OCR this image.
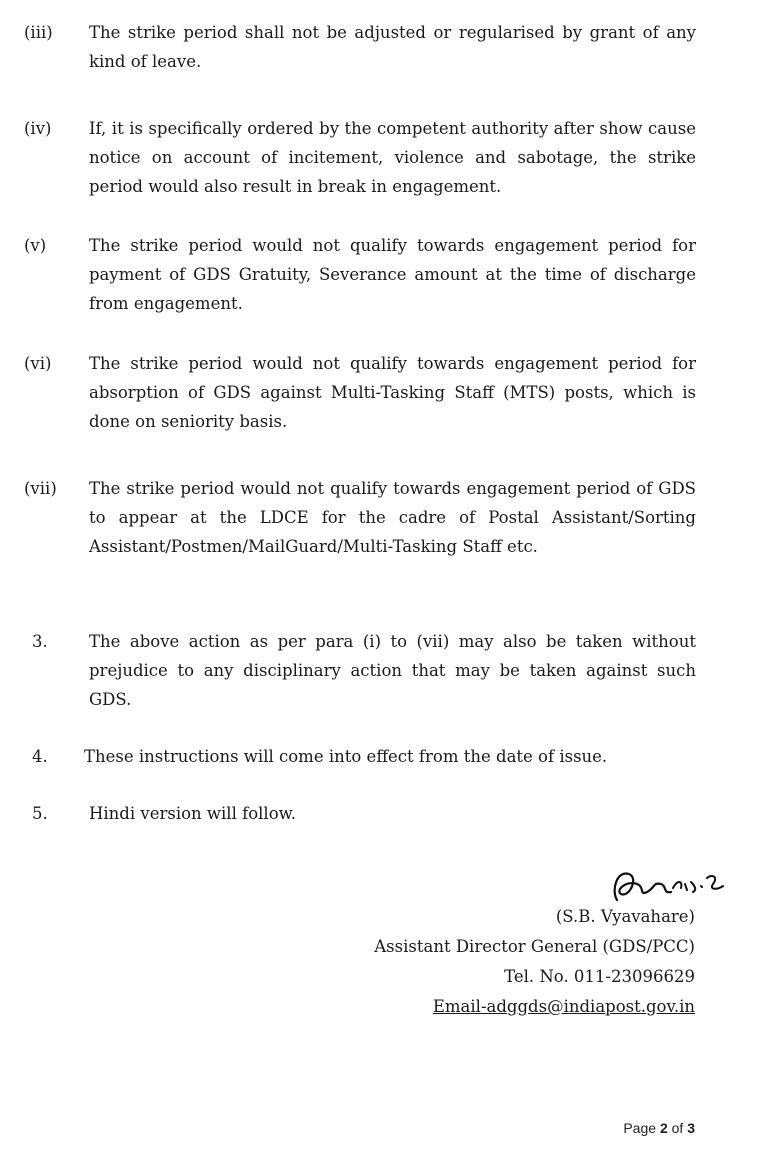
(iii)	The strike period shall not be adjusted or regularised by grant of any kind of leave.
(iv)	If, it is specifically ordered by the competent authority after show cause notice on account of incitement, violence and sabotage, the strike period would also result in break in engagement.
(v)	The strike period would not qualify towards engagement period for payment of GDS Gratuity, Severance amount at the time of discharge from engagement.
(vi)	The strike period would not qualify towards engagement period for absorption of GDS against Multi-Tasking Staff (MTS) posts, which is done on seniority basis.
(vii)	The strike period would not qualify towards engagement period of GDS to appear at the LDCE for the cadre of Postal Assistant/Sorting Assistant/Postmen/MailGuard/Multi-Tasking Staff etc.
3.	The above action as per para (i) to (vii) may also be taken without prejudice to any disciplinary action that may be taken against such GDS.
4.	These instructions will come into effect from the date of issue.
5.	Hindi version will follow.
(S.B. Vyavahare)
Assistant Director General (GDS/PCC)
Tel. No. 011-23096629
Email-adggds@indiapost.gov.in
Page 2 of 3
